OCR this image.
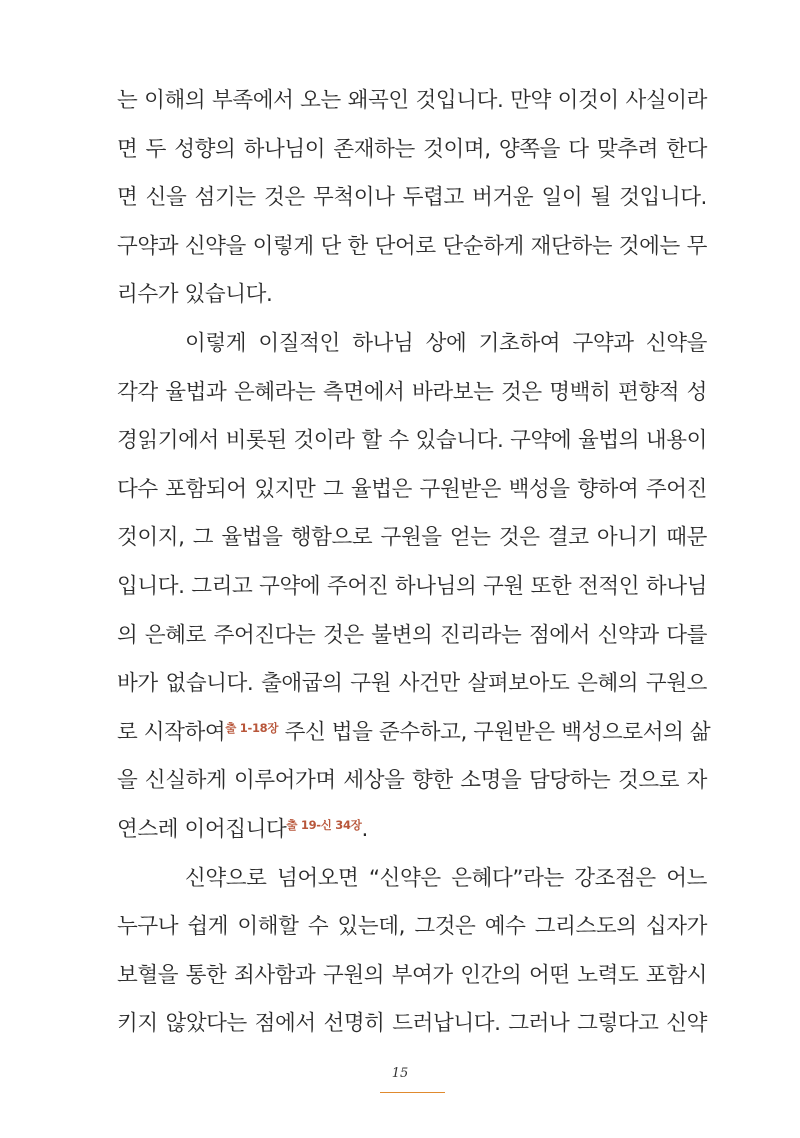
는 이해의 부족에서 오는 왜곡인 것입니다. 만약 이것이 사실이라
면 두 성향의 하나님이 존재하는 것이며, 양쪽을 다 맞추려 한다
면 신을 섬기는 것은 무척이나 두렵고 버거운 일이 될 것입니다.
구약과 신약을 이렇게 단 한 단어로 단순하게 재단하는 것에는 무
리수가 있습니다.
이렇게 이질적인 하나님 상에 기초하여 구약과 신약을
각각 율법과 은혜라는 측면에서 바라보는 것은 명백히 편향적 성
경읽기에서 비롯된 것이라 할 수 있습니다. 구약에 율법의 내용이
다수 포함되어 있지만 그 율법은 구원받은 백성을 향하여 주어진
것이지, 그 율법을 행함으로 구원을 얻는 것은 결코 아니기 때문
입니다. 그리고 구약에 주어진 하나님의 구원 또한 전적인 하나님
의 은혜로 주어진다는 것은 불변의 진리라는 점에서 신약과 다를
바가 없습니다. 출애굽의 구원 사건만 살펴보아도 은혜의 구원으
로 시작하여$^{출 1-18장}$ 주신 법을 준수하고, 구원받은 백성으로서의 삶
을 신실하게 이루어가며 세상을 향한 소명을 담당하는 것으로 자
연스레 이어집니다$^{출 19-신 34장}$.
신약으로 넘어오면 “신약은 은혜다”라는 강조점은 어느
누구나 쉽게 이해할 수 있는데, 그것은 예수 그리스도의 십자가
보혈을 통한 죄사함과 구원의 부여가 인간의 어떤 노력도 포함시
키지 않았다는 점에서 선명히 드러납니다. 그러나 그렇다고 신약
15
